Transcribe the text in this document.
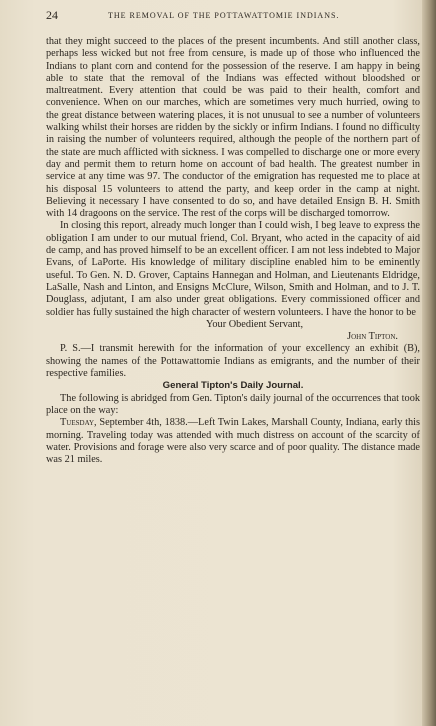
24	THE REMOVAL OF THE POTTAWATTOMIE INDIANS.

that they might succeed to the places of the present incumbents. And still another class, perhaps less wicked but not free from censure, is made up of those who influenced the Indians to plant corn and contend for the possession of the reserve. I am happy in being able to state that the removal of the Indians was effected without bloodshed or maltreatment. Every attention that could be was paid to their health, comfort and convenience. When on our marches, which are sometimes very much hurried, owing to the great distance between watering places, it is not unusual to see a number of volunteers walking whilst their horses are ridden by the sickly or infirm Indians. I found no difficulty in raising the number of volunteers required, although the people of the northern part of the state are much afflicted with sickness. I was compelled to discharge one or more every day and permit them to return home on account of bad health. The greatest number in service at any time was 97. The conductor of the emigration has requested me to place at his disposal 15 volunteers to attend the party, and keep order in the camp at night. Believing it necessary I have consented to do so, and have detailed Ensign B. H. Smith with 14 dragoons on the service. The rest of the corps will be discharged tomorrow.

In closing this report, already much longer than I could wish, I beg leave to express the obligation I am under to our mutual friend, Col. Bryant, who acted in the capacity of aid de camp, and has proved himself to be an excellent officer. I am not less indebted to Major Evans, of LaPorte. His knowledge of military discipline enabled him to be eminently useful. To Gen. N. D. Grover, Captains Hannegan and Holman, and Lieutenants Eldridge, LaSalle, Nash and Linton, and Ensigns McClure, Wilson, Smith and Holman, and to J. T. Douglass, adjutant, I am also under great obligations. Every commissioned officer and soldier has fully sustained the high character of western volunteers. I have the honor to be

Your Obedient Servant,

John Tipton.

P. S.—I transmit herewith for the information of your excellency an exhibit (B), showing the names of the Pottawattomie Indians as emigrants, and the number of their respective families.

General Tipton's Daily Journal.

The following is abridged from Gen. Tipton's daily journal of the occurrences that took place on the way:

Tuesday, September 4th, 1838.—Left Twin Lakes, Marshall County, Indiana, early this morning. Traveling today was attended with much distress on account of the scarcity of water. Provisions and forage were also very scarce and of poor quality. The distance made was 21 miles.
